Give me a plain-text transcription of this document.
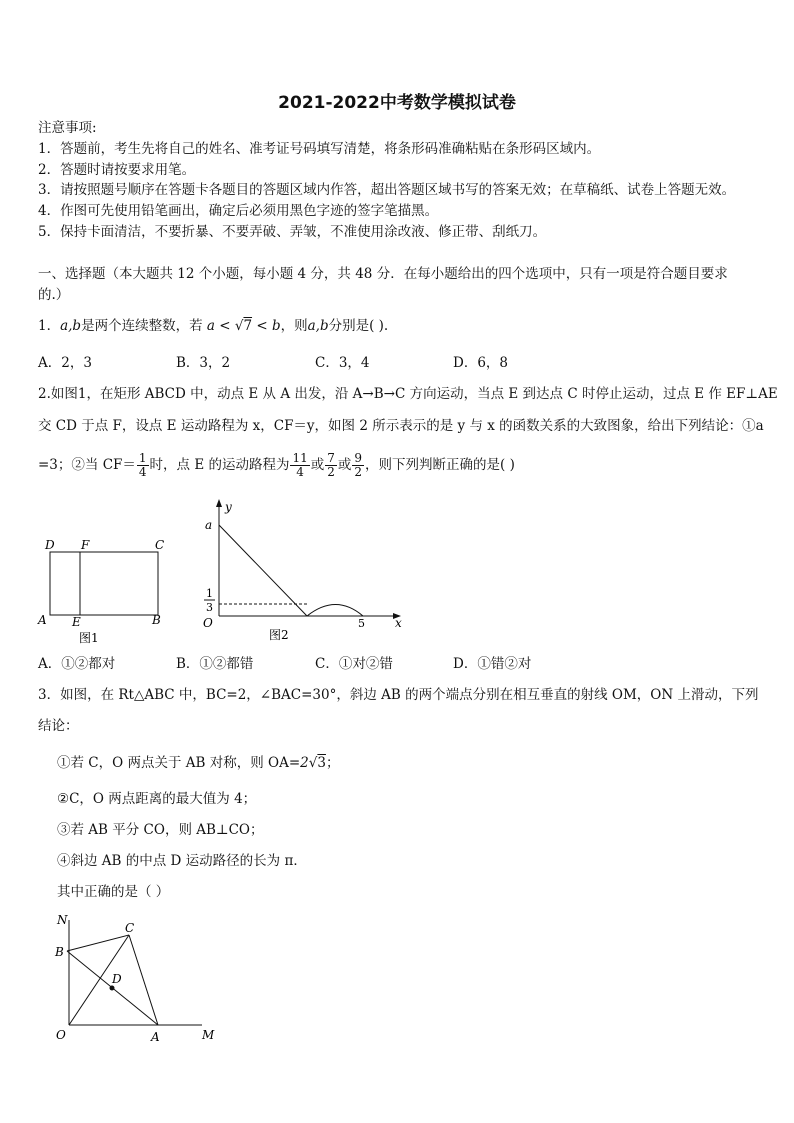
2021-2022中考数学模拟试卷
注意事项:
1．答题前，考生先将自己的姓名、准考证号码填写清楚，将条形码准确粘贴在条形码区域内。
2．答题时请按要求用笔。
3．请按照题号顺序在答题卡各题目的答题区域内作答，超出答题区域书写的答案无效；在草稿纸、试卷上答题无效。
4．作图可先使用铅笔画出，确定后必须用黑色字迹的签字笔描黑。
5．保持卡面清洁，不要折暴、不要弄破、弄皱，不准使用涂改液、修正带、刮纸刀。
一、选择题（本大题共 12 个小题，每小题 4 分，共 48 分．在每小题给出的四个选项中，只有一项是符合题目要求
的.）
1．a,b是两个连续整数，若 a < √7 < b，则a,b分别是( ).
A．2，3	B．3，2	C．3，4	D．6，8
2.如图1，在矩形 ABCD 中，动点 E 从 A 出发，沿 A→B→C 方向运动，当点 E 到达点 C 时停止运动，过点 E 作 EF⊥AE
交 CD 于点 F，设点 E 运动路程为 x，CF＝y，如图 2 所示表示的是 y 与 x 的函数关系的大致图象，给出下列结论：①a
=3；②当 $CF= \frac{1}{4}$ 时，点 E 的运动路程为 $\frac{11}{4}$ 或 $\frac{7}{2}$ 或 $\frac{9}{2}$ ，则下列判断正确的是( )
D F	C
A E	B
图1
y
a
1
3
O	5	x
图2
A．①②都对	B．①②都错	C．①对②错	D．①错②对
3．如图，在 Rt△ABC 中，BC=2，∠BAC=30°，斜边 AB 的两个端点分别在相互垂直的射线 OM，ON 上滑动，下列
结论：
①若 C，O 两点关于 AB 对称，则 OA=2√3；
②C，O 两点距离的最大值为 4；
③若 AB 平分 CO，则 AB⊥CO；
④斜边 AB 的中点 D 运动路径的长为 π．
其中正确的是（ ）
N
B
C
D
O	A	M
